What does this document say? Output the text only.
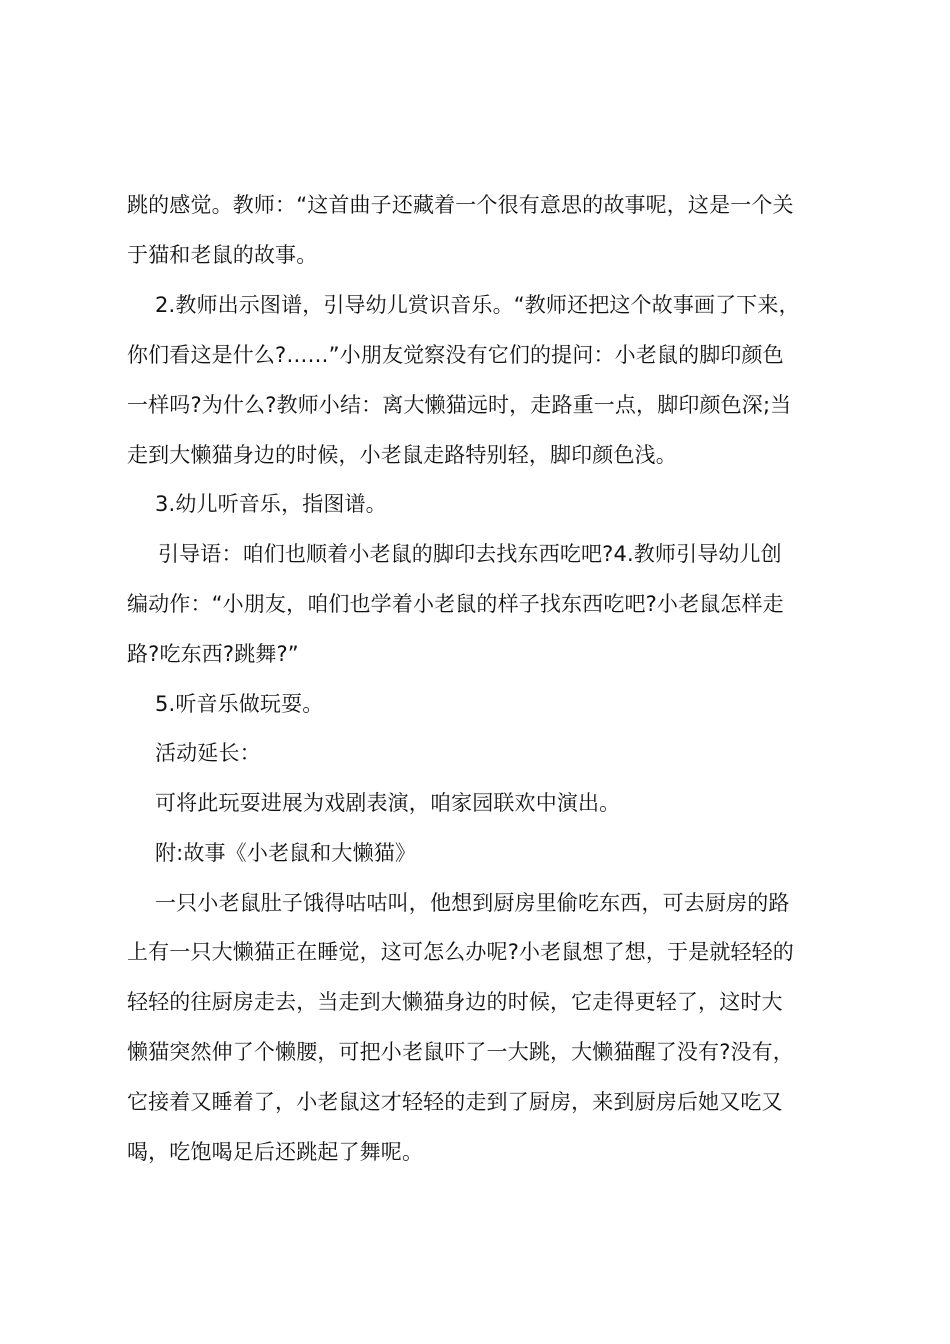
跳的感觉。教师：“这首曲子还藏着一个很有意思的故事呢，这是一个关
于猫和老鼠的故事。
2.教师出示图谱，引导幼儿赏识音乐。“教师还把这个故事画了下来，
你们看这是什么?……”小朋友觉察没有它们的提问：小老鼠的脚印颜色
一样吗?为什么?教师小结：离大懒猫远时，走路重一点，脚印颜色深;当
走到大懒猫身边的时候，小老鼠走路特别轻，脚印颜色浅。
3.幼儿听音乐，指图谱。
引导语：咱们也顺着小老鼠的脚印去找东西吃吧?4.教师引导幼儿创
编动作：“小朋友，咱们也学着小老鼠的样子找东西吃吧?小老鼠怎样走
路?吃东西?跳舞?”
5.听音乐做玩耍。
活动延长：
可将此玩耍进展为戏剧表演，咱家园联欢中演出。
附:故事《小老鼠和大懒猫》
一只小老鼠肚子饿得咕咕叫，他想到厨房里偷吃东西，可去厨房的路
上有一只大懒猫正在睡觉，这可怎么办呢?小老鼠想了想，于是就轻轻的
轻轻的往厨房走去，当走到大懒猫身边的时候，它走得更轻了，这时大
懒猫突然伸了个懒腰，可把小老鼠吓了一大跳，大懒猫醒了没有?没有，
它接着又睡着了，小老鼠这才轻轻的走到了厨房，来到厨房后她又吃又
喝，吃饱喝足后还跳起了舞呢。
